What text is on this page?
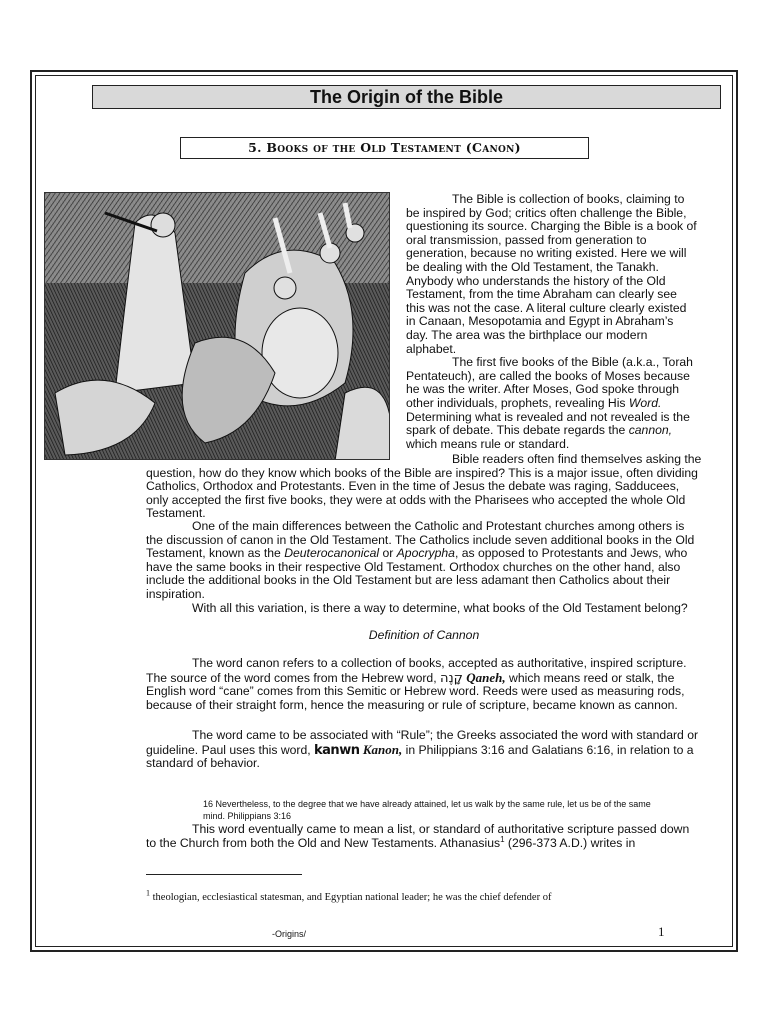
The Origin of the Bible
5. Books of the Old Testament (Canon)

The Bible is collection of books, claiming to be inspired by God; critics often challenge the Bible, questioning its source. Charging the Bible is a book of oral transmission, passed from generation to generation, because no writing existed. Here we will be dealing with the Old Testament, the Tanakh. Anybody who understands the history of the Old Testament, from the time Abraham can clearly see this was not the case. A literal culture clearly existed in Canaan, Mesopotamia and Egypt in Abraham’s day. The area was the birthplace our modern alphabet.
The first five books of the Bible (a.k.a., Torah Pentateuch), are called the books of Moses because he was the writer. After Moses, God spoke through other individuals, prophets, revealing His Word. Determining what is revealed and not revealed is the spark of debate. This debate regards the cannon, which means rule or standard.

Bible readers often find themselves asking the question, how do they know which books of the Bible are inspired? This is a major issue, often dividing Catholics, Orthodox and Protestants. Even in the time of Jesus the debate was raging, Sadducees, only accepted the first five books, they were at odds with the Pharisees who accepted the whole Old Testament.

One of the main differences between the Catholic and Protestant churches among others is the discussion of canon in the Old Testament. The Catholics include seven additional books in the Old Testament, known as the Deuterocanonical or Apocrypha, as opposed to Protestants and Jews, who have the same books in their respective Old Testament. Orthodox churches on the other hand, also include the additional books in the Old Testament but are less adamant then Catholics about their inspiration.

With all this variation, is there a way to determine, what books of the Old Testament belong?

Definition of Cannon

The word canon refers to a collection of books, accepted as authoritative, inspired scripture. The source of the word comes from the Hebrew word, קָנֶה Qaneh, which means reed or stalk, the English word “cane” comes from this Semitic or Hebrew word. Reeds were used as measuring rods, because of their straight form, hence the measuring or rule of scripture, became known as cannon.

The word came to be associated with “Rule”; the Greeks associated the word with standard or guideline. Paul uses this word, kanwn Kanon, in Philippians 3:16 and Galatians 6:16, in relation to a standard of behavior.

16 Nevertheless, to the degree that we have already attained, let us walk by the same rule, let us be of the same mind. Philippians 3:16

This word eventually came to mean a list, or standard of authoritative scripture passed down to the Church from both the Old and New Testaments. Athanasius$^1$ (296-373 A.D.) writes in

$^1$ theologian, ecclesiastical statesman, and Egyptian national leader; he was the chief defender of

-Origins/	1
